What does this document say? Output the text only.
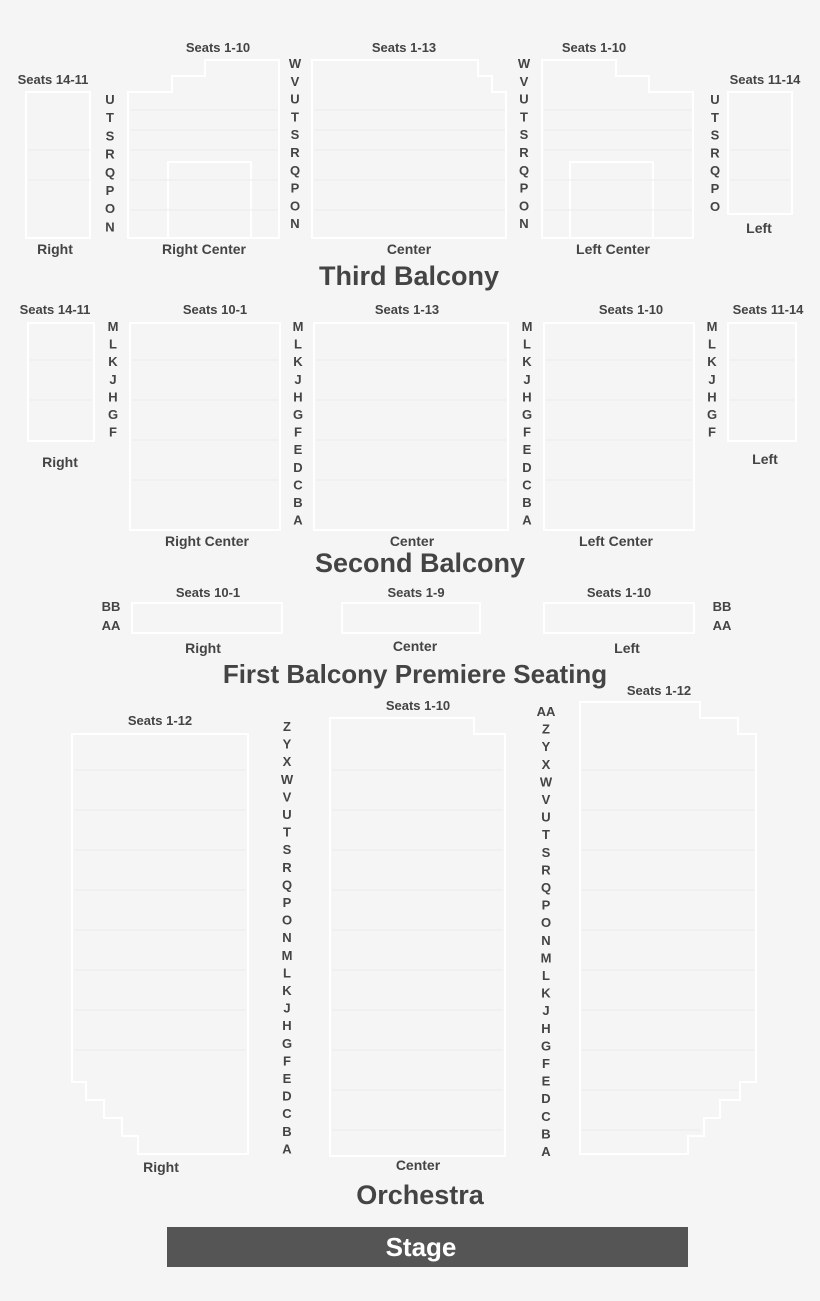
Seats 14-11
Seats 1-10	Seats 1-13	Seats 1-10
Seats 11-14
Right	Right Center	Center	Left Center
Left
Third Balcony
Seats 14-11	Seats 10-1	Seats 1-13	Seats 1-10	Seats 11-14
Right
Right Center	Center	Left Center
Left
Second Balcony
Seats 10-1	Seats 1-9	Seats 1-10
Right	Center	Left
First Balcony Premiere Seating
Seats 1-12
Seats 1-10
Seats 1-12
Right	Center
Orchestra
U
T
S
R
Q
P
O
N
W
V
U
T
S
R
Q
P
O
N
W
V
U
T
S
R
Q
P
O
N
U
T
S
R
Q
P
O
M
L
K
J
H
G
F
M
L
K
J
H
G
F
E
D
C
B
A
M
L
K
J
H
G
F
E
D
C
B
A
M
L
K
J
H
G
F
BB
AA
BB
AA
Z
Y
X
W
V
U
T
S
R
Q
P
O
N
M
L
K
J
H
G
F
E
D
C
B
A
AA
Z
Y
X
W
V
U
T
S
R
Q
P
O
N
M
L
K
J
H
G
F
E
D
C
B
A
Stage
